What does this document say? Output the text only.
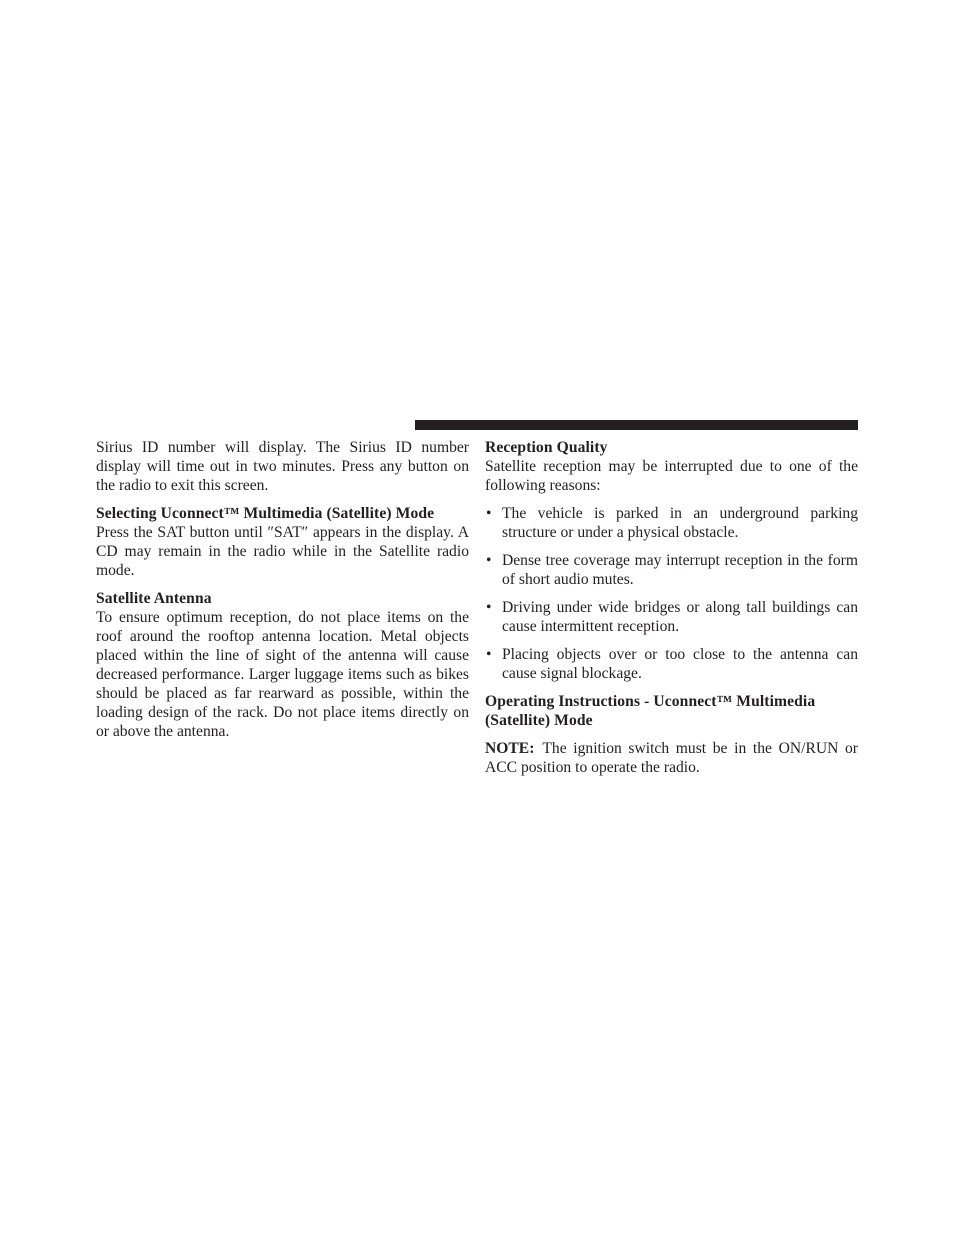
Sirius ID number will display. The Sirius ID number display will time out in two minutes. Press any button on the radio to exit this screen.

Selecting Uconnect™ Multimedia (Satellite) Mode

Press the SAT button until ″SAT″ appears in the display. A CD may remain in the radio while in the Satellite radio mode.

Satellite Antenna

To ensure optimum reception, do not place items on the roof around the rooftop antenna location. Metal objects placed within the line of sight of the antenna will cause decreased performance. Larger luggage items such as bikes should be placed as far rearward as possible, within the loading design of the rack. Do not place items directly on or above the antenna.

Reception Quality

Satellite reception may be interrupted due to one of the following reasons:

• The vehicle is parked in an underground parking structure or under a physical obstacle.
• Dense tree coverage may interrupt reception in the form of short audio mutes.
• Driving under wide bridges or along tall buildings can cause intermittent reception.
• Placing objects over or too close to the antenna can cause signal blockage.
Operating Instructions - Uconnect™ Multimedia (Satellite) Mode

NOTE: The ignition switch must be in the ON/RUN or ACC position to operate the radio.
